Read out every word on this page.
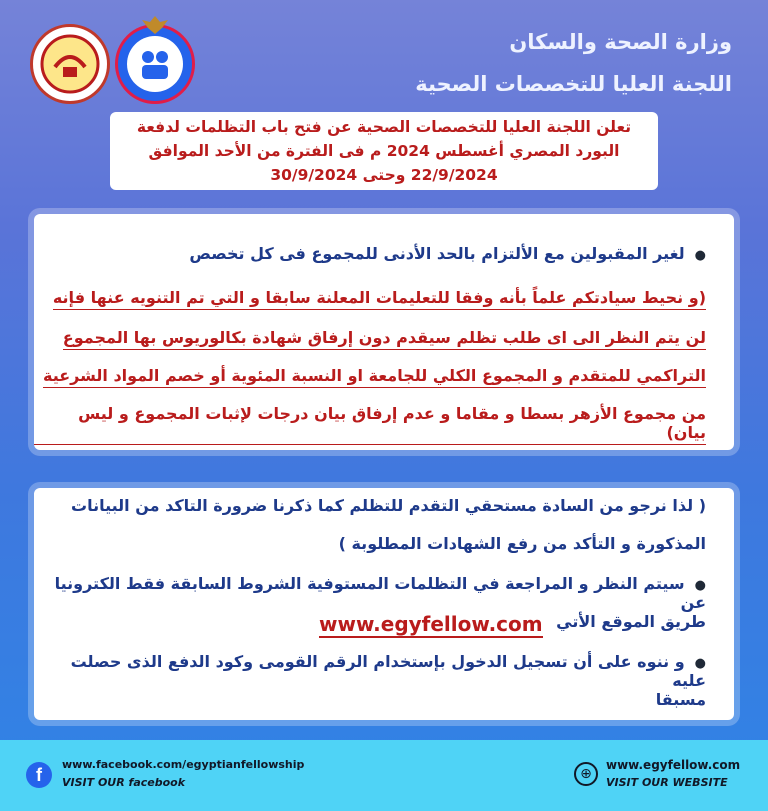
وزارة الصحة والسكان

اللجنة العليا للتخصصات الصحية

تعلن اللجنة العليا للتخصصات الصحية عن فتح باب التظلمات لدفعة
البورد المصري أغسطس 2024 م فى الفترة من الأحد الموافق
22/9/2024 وحتى 30/9/2024

● لغير المقبولين مع الألتزام بالحد الأدنى للمجموع فى كل تخصص

(و نحيط سيادتكم علماً بأنه وفقا للتعليمات المعلنة سابقا و التي تم التنويه عنها فإنه

لن يتم النظر الى اى طلب تظلم سيقدم دون إرفاق شهادة بكالوريوس بها المجموع

التراكمي للمتقدم و المجموع الكلي للجامعة او النسبة المئوية أو خصم المواد الشرعية

من مجموع الأزهر بسطا و مقاما و عدم إرفاق بيان درجات لإثبات المجموع و ليس بيان)

( لذا نرجو من السادة مستحقي التقدم للتظلم كما ذكرنا ضرورة التاكد من البيانات

المذكورة و التأكد من رفع الشهادات المطلوبة )

● سيتم النظر و المراجعة في التظلمات المستوفية الشروط السابقة فقط الكترونيا عن

طريق الموقع الأتي

www.egyfellow.com

● و ننوه على أن تسجيل الدخول بإستخدام الرقم القومى وكود الدفع الذى حصلت عليه

مسبقا

f
www.facebook.com/egyptianfellowship
VISIT OUR facebook
⊕
www.egyfellow.com
VISIT OUR WEBSITE
